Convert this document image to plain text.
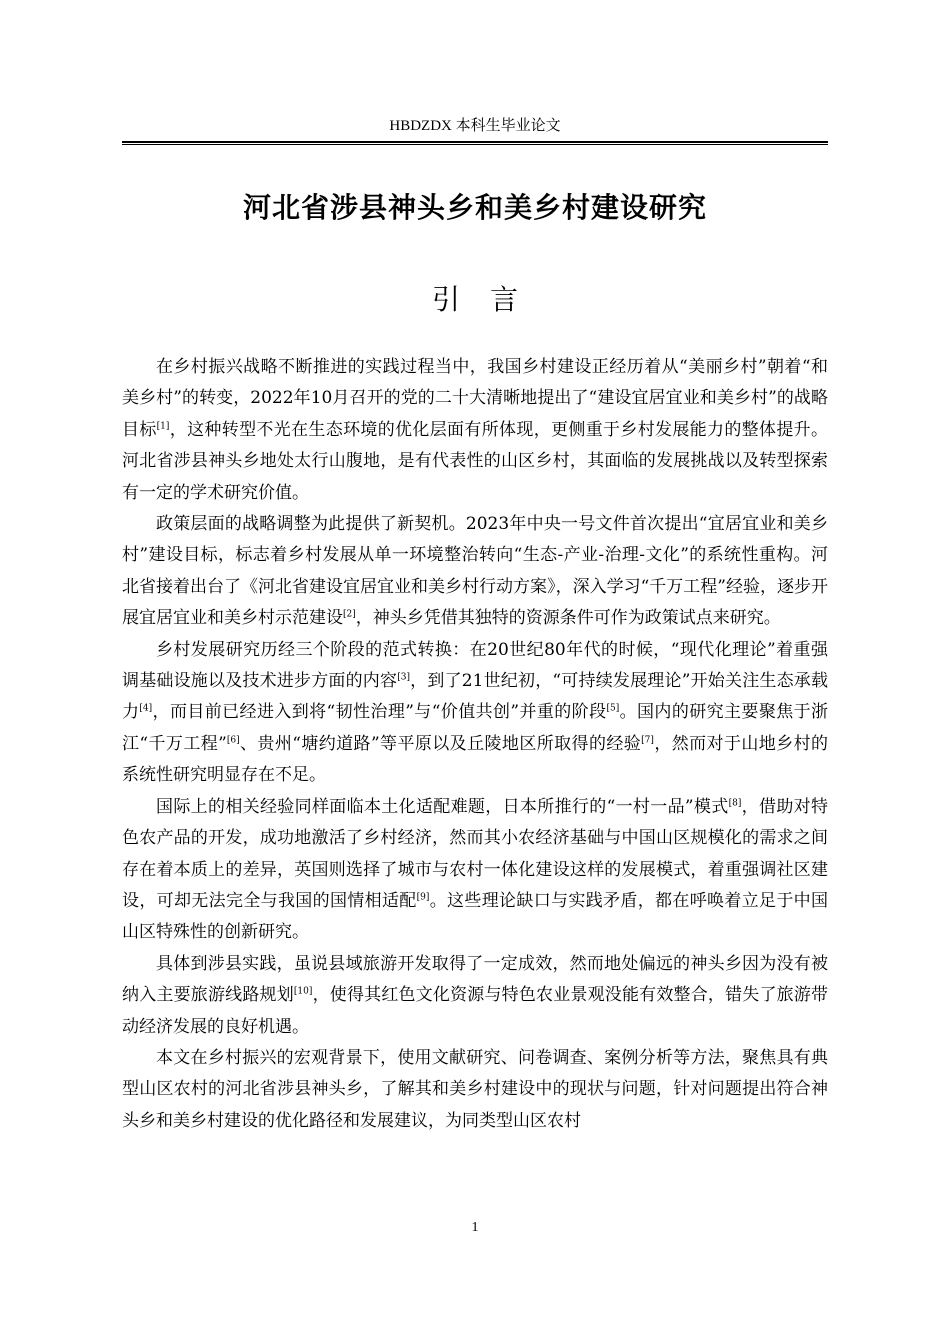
HBDZDX 本科生毕业论文
河北省涉县神头乡和美乡村建设研究
引言

在乡村振兴战略不断推进的实践过程当中，我国乡村建设正经历着从“美丽乡村”朝着“和美乡村”的转变，2022年10月召开的党的二十大清晰地提出了“建设宜居宜业和美乡村”的战略目标[1]，这种转型不光在生态环境的优化层面有所体现，更侧重于乡村发展能力的整体提升。河北省涉县神头乡地处太行山腹地，是有代表性的山区乡村，其面临的发展挑战以及转型探索有一定的学术研究价值。

政策层面的战略调整为此提供了新契机。2023年中央一号文件首次提出“宜居宜业和美乡村”建设目标，标志着乡村发展从单一环境整治转向“生态-产业-治理-文化”的系统性重构。河北省接着出台了《河北省建设宜居宜业和美乡村行动方案》，深入学习“千万工程”经验，逐步开展宜居宜业和美乡村示范建设[2]，神头乡凭借其独特的资源条件可作为政策试点来研究。

乡村发展研究历经三个阶段的范式转换：在20世纪80年代的时候，“现代化理论”着重强调基础设施以及技术进步方面的内容[3]，到了21世纪初，“可持续发展理论”开始关注生态承载力[4]，而目前已经进入到将“韧性治理”与“价值共创”并重的阶段[5]。国内的研究主要聚焦于浙江“千万工程”[6]、贵州“塘约道路”等平原以及丘陵地区所取得的经验[7]，然而对于山地乡村的系统性研究明显存在不足。

国际上的相关经验同样面临本土化适配难题，日本所推行的“一村一品”模式[8]，借助对特色农产品的开发，成功地激活了乡村经济，然而其小农经济基础与中国山区规模化的需求之间存在着本质上的差异，英国则选择了城市与农村一体化建设这样的发展模式，着重强调社区建设，可却无法完全与我国的国情相适配[9]。这些理论缺口与实践矛盾，都在呼唤着立足于中国山区特殊性的创新研究。

具体到涉县实践，虽说县域旅游开发取得了一定成效，然而地处偏远的神头乡因为没有被纳入主要旅游线路规划[10]，使得其红色文化资源与特色农业景观没能有效整合，错失了旅游带动经济发展的良好机遇。

本文在乡村振兴的宏观背景下，使用文献研究、问卷调查、案例分析等方法，聚焦具有典型山区农村的河北省涉县神头乡，了解其和美乡村建设中的现状与问题，针对问题提出符合神头乡和美乡村建设的优化路径和发展建议，为同类型山区农村

1
